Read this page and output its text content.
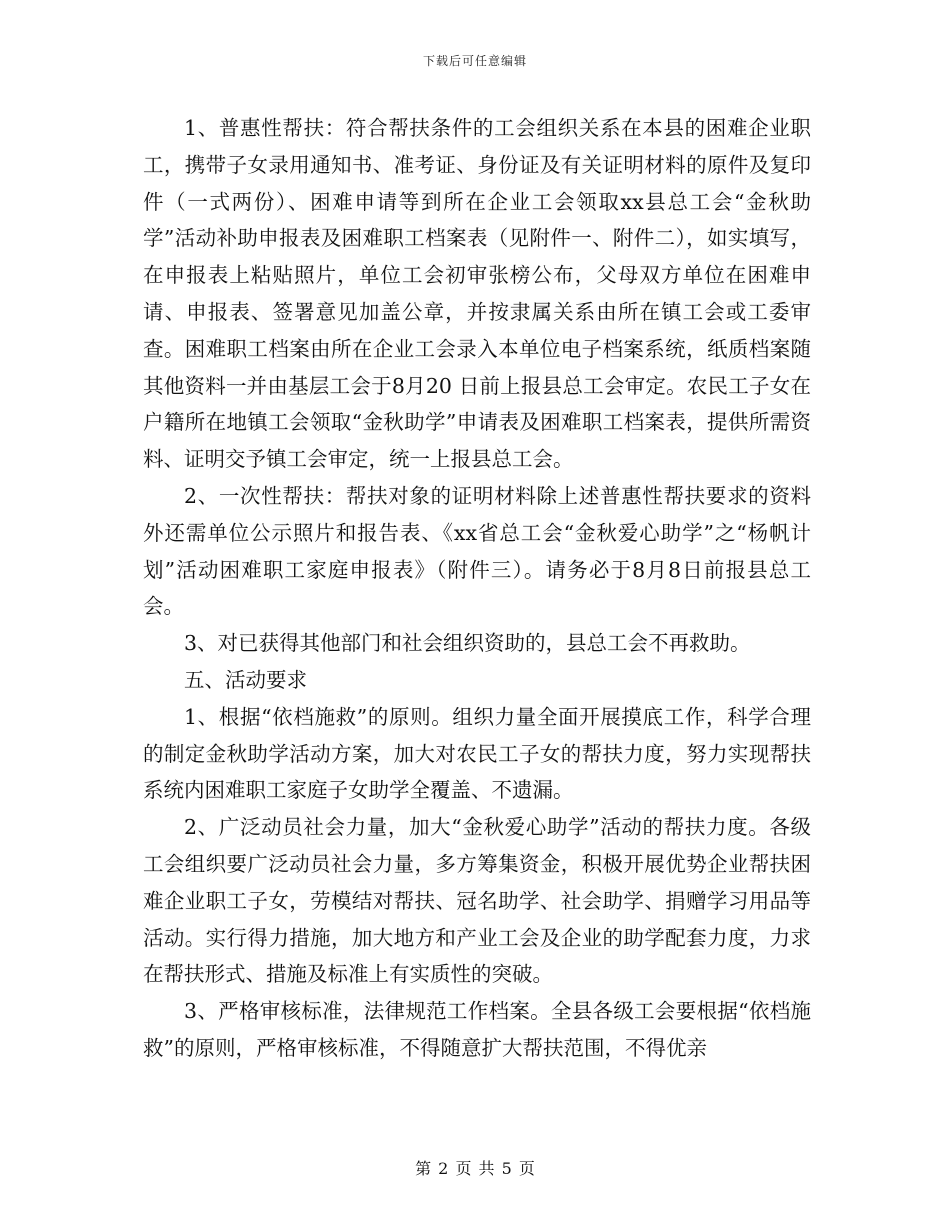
下载后可任意编辑

1、普惠性帮扶：符合帮扶条件的工会组织关系在本县的困难企业职工，携带子女录用通知书、准考证、身份证及有关证明材料的原件及复印件（一式两份）、困难申请等到所在企业工会领取xx县总工会“金秋助学”活动补助申报表及困难职工档案表（见附件一、附件二），如实填写，在申报表上粘贴照片，单位工会初审张榜公布，父母双方单位在困难申请、申报表、签署意见加盖公章，并按隶属关系由所在镇工会或工委审查。困难职工档案由所在企业工会录入本单位电子档案系统，纸质档案随其他资料一并由基层工会于8月20 日前上报县总工会审定。农民工子女在户籍所在地镇工会领取“金秋助学”申请表及困难职工档案表，提供所需资料、证明交予镇工会审定，统一上报县总工会。

2、一次性帮扶：帮扶对象的证明材料除上述普惠性帮扶要求的资料外还需单位公示照片和报告表、《xx省总工会“金秋爱心助学”之“杨帆计划”活动困难职工家庭申报表》（附件三）。请务必于8月8日前报县总工会。

3、对已获得其他部门和社会组织资助的，县总工会不再救助。

五、活动要求

1、根据“依档施救”的原则。组织力量全面开展摸底工作，科学合理的制定金秋助学活动方案，加大对农民工子女的帮扶力度，努力实现帮扶系统内困难职工家庭子女助学全覆盖、不遗漏。

2、广泛动员社会力量，加大“金秋爱心助学”活动的帮扶力度。各级工会组织要广泛动员社会力量，多方筹集资金，积极开展优势企业帮扶困难企业职工子女，劳模结对帮扶、冠名助学、社会助学、捐赠学习用品等活动。实行得力措施，加大地方和产业工会及企业的助学配套力度，力求在帮扶形式、措施及标准上有实质性的突破。

3、严格审核标准，法律规范工作档案。全县各级工会要根据“依档施救”的原则，严格审核标准，不得随意扩大帮扶范围，不得优亲

第 2 页 共 5 页
